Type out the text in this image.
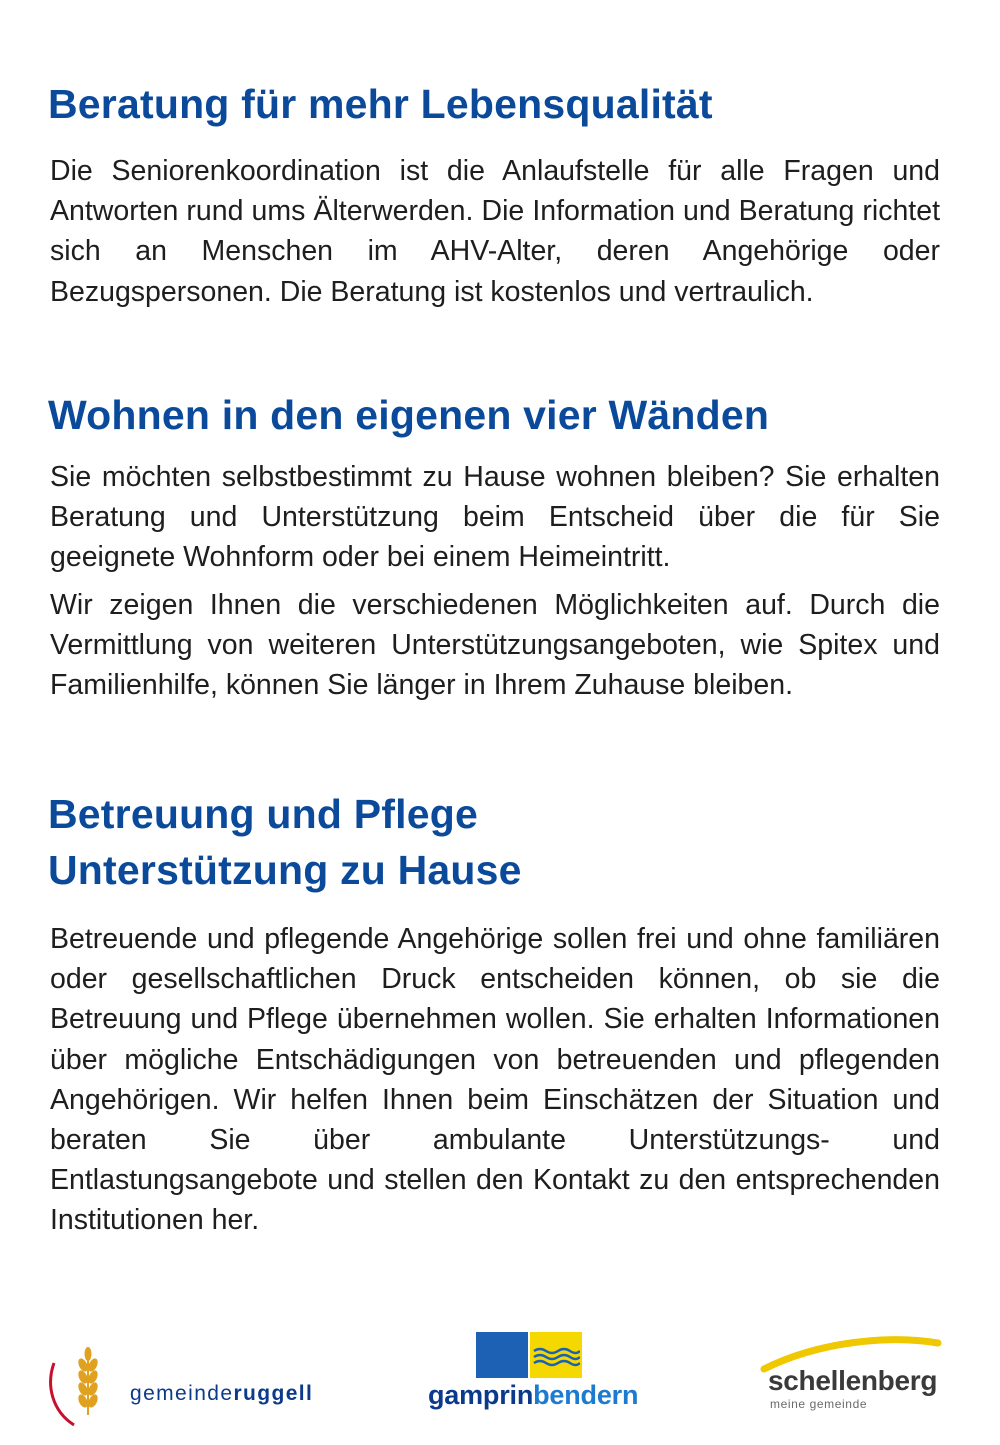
Beratung für mehr Lebensqualität

Die Seniorenkoordination ist die Anlaufstelle für alle Fragen und Antworten rund ums Älterwerden. Die Information und Beratung richtet sich an Menschen im AHV-Alter, deren Angehörige oder Bezugspersonen. Die Beratung ist kostenlos und vertraulich.

Wohnen in den eigenen vier Wänden

Sie möchten selbstbestimmt zu Hause wohnen bleiben? Sie erhalten Beratung und Unterstützung beim Entscheid über die für Sie geeignete Wohnform oder bei einem Heimeintritt.

Wir zeigen Ihnen die verschiedenen Möglichkeiten auf. Durch die Vermittlung von weiteren Unterstützungsangeboten, wie Spitex und Familienhilfe, können Sie länger in Ihrem Zuhause bleiben.

Betreuung und Pflege
Unterstützung zu Hause

Betreuende und pflegende Angehörige sollen frei und ohne familiären oder gesellschaftlichen Druck entscheiden können, ob sie die Betreuung und Pflege übernehmen wollen. Sie erhalten Informationen über mögliche Entschädigungen von betreuenden und pflegenden Angehörigen. Wir helfen Ihnen beim Einschätzen der Situation und beraten Sie über ambulante Unterstützungs- und Entlastungsangebote und stellen den Kontakt zu den entsprechenden Institutionen her.

gemeinderuggell	gamprinbendern	schellenberg
meine gemeinde
